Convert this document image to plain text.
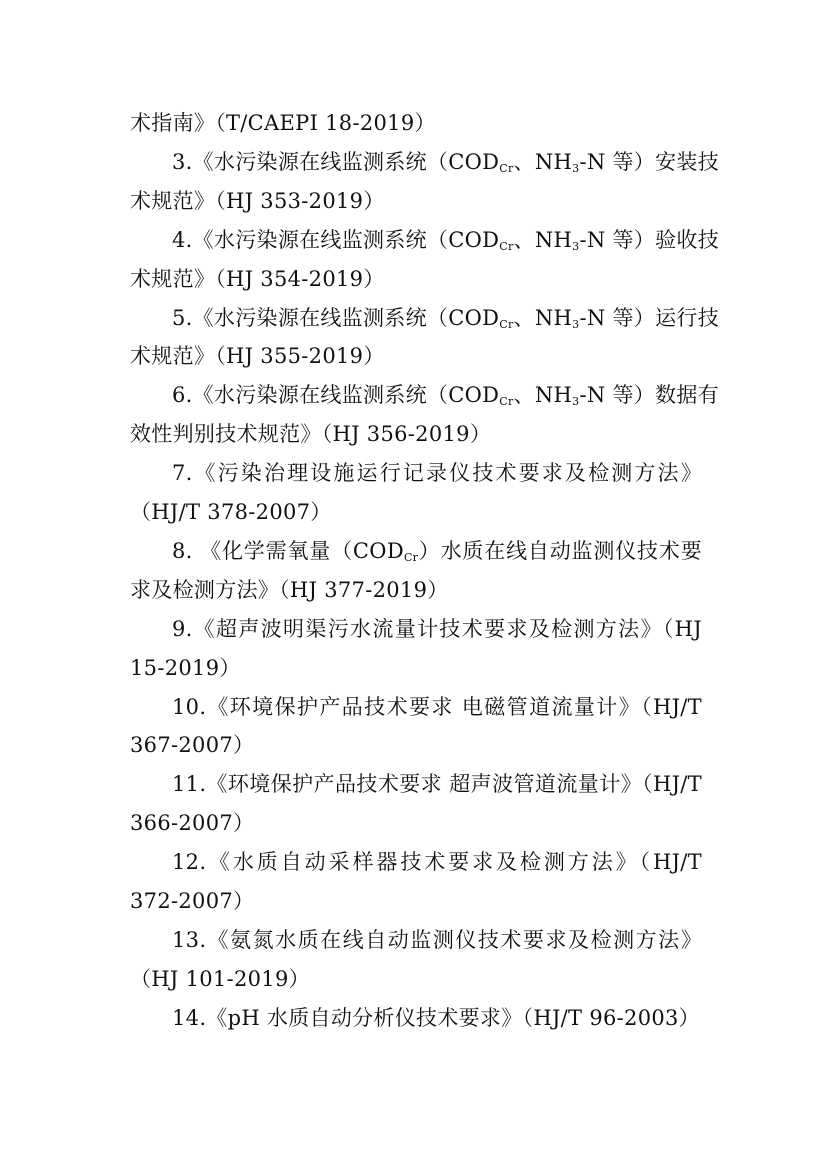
术指南》（T/CAEPI 18-2019）
3.《水污染源在线监测系统（$COD_{Cr}$、$NH_3-N$ 等）安装技
术规范》（HJ 353-2019）
4.《水污染源在线监测系统（$COD_{Cr}$、$NH_3-N$ 等）验收技
术规范》（HJ 354-2019）
5.《水污染源在线监测系统（$COD_{Cr}$、$NH_3-N$ 等）运行技
术规范》（HJ 355-2019）
6.《水污染源在线监测系统（$COD_{Cr}$、$NH_3-N$ 等）数据有
效性判别技术规范》（HJ 356-2019）
7.《污染治理设施运行记录仪技术要求及检测方法》
（HJ/T 378-2007）
8. 《化学需氧量$(COD_{Cr})$水质在线自动监测仪技术要
求及检测方法》（HJ 377-2019）
9.《超声波明渠污水流量计技术要求及检测方法》（HJ
15-2019）
10.《环境保护产品技术要求 电磁管道流量计》（HJ/T
367-2007）
11.《环境保护产品技术要求 超声波管道流量计》（HJ/T
366-2007）
12.《水质自动采样器技术要求及检测方法》（HJ/T
372-2007）
13.《氨氮水质在线自动监测仪技术要求及检测方法》
（HJ 101-2019）
14.《pH 水质自动分析仪技术要求》（HJ/T 96-2003）
